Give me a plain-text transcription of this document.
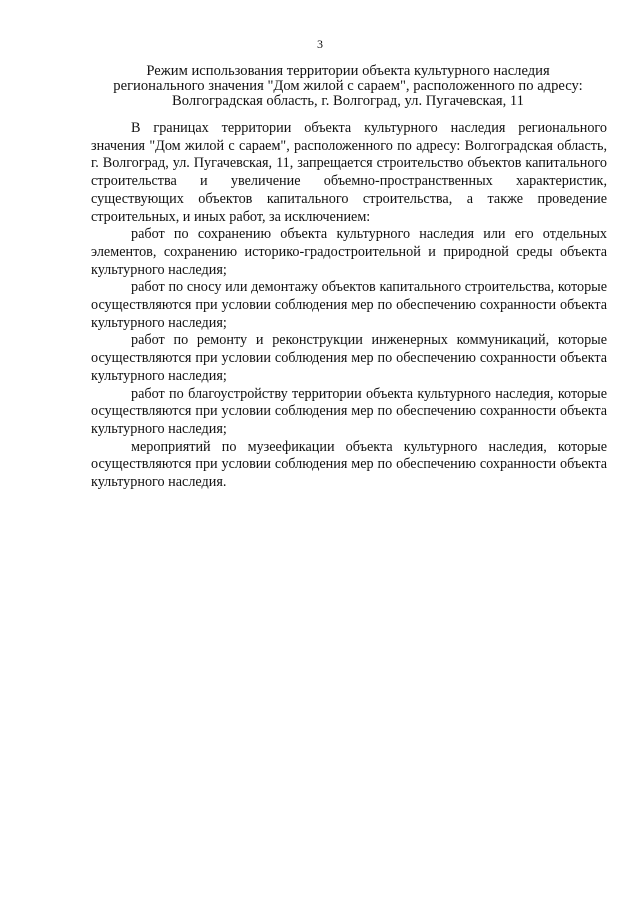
3
Режим использования территории объекта культурного наследия
регионального значения "Дом жилой с сараем", расположенного по адресу:
Волгоградская область, г. Волгоград, ул. Пугачевская, 11

В границах территории объекта культурного наследия регионального значения "Дом жилой с сараем", расположенного по адресу: Волгоградская область, г. Волгоград, ул. Пугачевская, 11, запрещается строительство объектов капитального строительства и увеличение объемно-пространственных характеристик, существующих объектов капитального строительства, а также проведение строительных, и иных работ, за исключением:

работ по сохранению объекта культурного наследия или его отдельных элементов, сохранению историко-градостроительной и природной среды объекта культурного наследия;

работ по сносу или демонтажу объектов капитального строительства, которые осуществляются при условии соблюдения мер по обеспечению сохранности объекта культурного наследия;

работ по ремонту и реконструкции инженерных коммуникаций, которые осуществляются при условии соблюдения мер по обеспечению сохранности объекта культурного наследия;

работ по благоустройству территории объекта культурного наследия, которые осуществляются при условии соблюдения мер по обеспечению сохранности объекта культурного наследия;

мероприятий по музеефикации объекта культурного наследия, которые осуществляются при условии соблюдения мер по обеспечению сохранности объекта культурного наследия.
